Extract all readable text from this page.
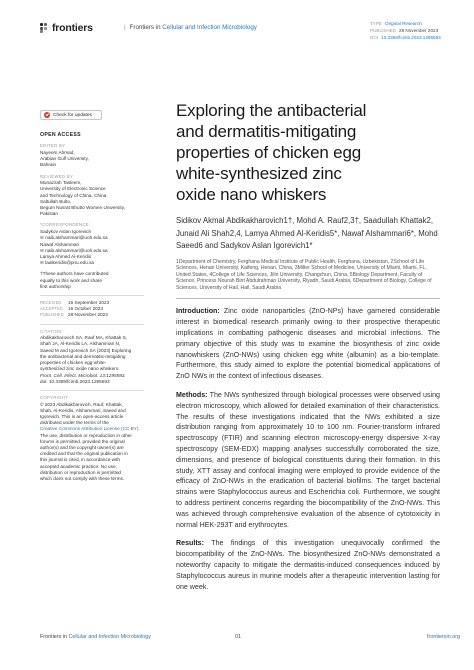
frontiers	| Frontiers in Cellular and Infection Microbiology
TYPE Original Research
PUBLISHED 28 November 2023
DOI 10.3389/fcimb.2023.1295593
Check for updates
OPEN ACCESS
EDITED BY
Nayeem Ahmad,
Arabian Gulf University,
Bahrain
REVIEWED BY
Munazzah Tasleem,
University of Electronic Science
and Technology of China, China
Saltullah Bulto,
Begum Nusrat Bhutto Women University,
Pakistan
*CORRESPONDENCE
Sadykov Aslan Igorevich
✉ naib.alshammari@uoh.edu.sa
Nawaf Alshammari
✉ naib.alshammari@uoh.edu.sa
Lamya Ahmed Al-Keridis
✉ laalkeridis@pnu.edu.sa
†These authors have contributed
equally to this work and share
first authorship
RECEIVED	16 September 2023
ACCEPTED	16 October 2023
PUBLISHED 28 November 2023
CITATION
Abdikakharovich SA, Rauf MA, Khattak S,
Shah JA, Al-Keridis LA, Alshammari N,
Saeed M and Igorevich SA (2023) Exploring
the antibacterial and dermatitis-mitigating
properties of chicken egg white-
synthesized zinc oxide nano whiskers.
Front. Cell. Infect. Microbiol. 13:1295593.
doi: 10.3389/fcimb.2023.1295593
COPYRIGHT
© 2023 Abdikakharovich, Rauf, Khattak,
Shah, Al-Keridis, Alshammari, Saeed and
Igorevich. This is an open-access article
distributed under the terms of the
Creative Commons Attribution License (CC BY).
The use, distribution or reproduction in other
forums is permitted, provided the original
author(s) and the copyright owner(s) are
credited and that the original publication in
this journal is cited, in accordance with
accepted academic practice. No use,
distribution or reproduction is permitted
which does not comply with these terms.
Exploring the antibacterial
and dermatitis-mitigating
properties of chicken egg
white-synthesized zinc
oxide nano whiskers

Sidikov Akmal Abdikakharovich1†, Mohd A. Rauf2,3†, Saadullah Khattak2, Junaid Ali Shah2,4, Lamya Ahmed Al-Keridis5*, Nawaf Alshammari6*, Mohd Saeed6 and Sadykov Aslan Igorevich1*

1Department of Chemistry, Ferghana Medical Institute of Public Health, Ferghana, Uzbekistan, 2School of Life Sciences, Henan University, Kaifeng, Henan, China, 3Miller School of Medicine, University of Miami, Miami, FL, United States, 4College of Life Sciences, Jilin University, Changchun, China, 5Biology Department, Faculty of Science, Princess Nourah Bint Abdulrahman University, Riyadh, Saudi Arabia, 6Department of Biology, College of Sciences, University of Hail, Hail, Saudi Arabia

Introduction: Zinc oxide nanoparticles (ZnO-NPs) have garnered considerable interest in biomedical research primarily owing to their prospective therapeutic implications in combatting pathogenic diseases and microbial infections. The primary objective of this study was to examine the biosynthesis of zinc oxide nanowhiskers (ZnO-NWs) using chicken egg white (albumin) as a bio-template. Furthermore, this study aimed to explore the potential biomedical applications of ZnO NWs in the context of infectious diseases.

Methods: The NWs synthesized through biological processes were observed using electron microscopy, which allowed for detailed examination of their characteristics. The results of these investigations indicated that the NWs exhibited a size distribution ranging from approximately 10 to 100 nm. Fourier-transform infrared spectroscopy (FTIR) and scanning electron microscopy-energy dispersive X-ray spectroscopy (SEM-EDX) mapping analyses successfully corroborated the size, dimensions, and presence of biological constituents during their formation. In this study, XTT assay and confocal imaging were employed to provide evidence of the efficacy of ZnO-NWs in the eradication of bacterial biofilms. The target bacterial strains were Staphylococcus aureus and Escherichia coli. Furthermore, we sought to address pertinent concerns regarding the biocompatibility of the ZnO-NWs. This was achieved through comprehensive evaluation of the absence of cytotoxicity in normal HEK-293T and erythrocytes.

Results: The findings of this investigation unequivocally confirmed the biocompatibility of the ZnO-NWs. The biosynthesized ZnO-NWs demonstrated a noteworthy capacity to mitigate the dermatitis-induced consequences induced by Staphylococcus aureus in murine models after a therapeutic intervention lasting for one week.

Frontiers in Cellular and Infection Microbiology	01	frontiersin.org
